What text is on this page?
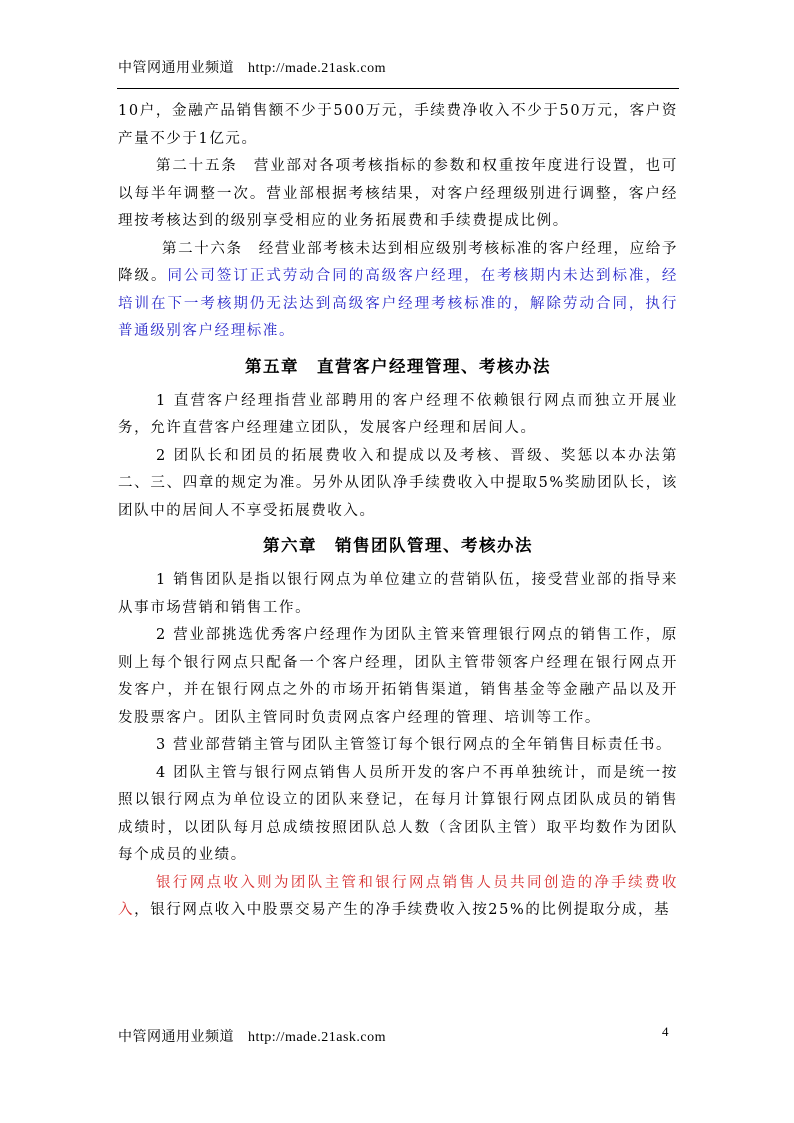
中管网通用业频道 http://made.21ask.com

10户，金融产品销售额不少于500万元，手续费净收入不少于50万元，客户资产量不少于1亿元。

第二十五条　营业部对各项考核指标的参数和权重按年度进行设置，也可以每半年调整一次。营业部根据考核结果，对客户经理级别进行调整，客户经理按考核达到的级别享受相应的业务拓展费和手续费提成比例。

第二十六条　经营业部考核未达到相应级别考核标准的客户经理，应给予降级。同公司签订正式劳动合同的高级客户经理，在考核期内未达到标准，经培训在下一考核期仍无法达到高级客户经理考核标准的，解除劳动合同，执行普通级别客户经理标准。

第五章　直营客户经理管理、考核办法

1 直营客户经理指营业部聘用的客户经理不依赖银行网点而独立开展业务，允许直营客户经理建立团队，发展客户经理和居间人。

2 团队长和团员的拓展费收入和提成以及考核、晋级、奖惩以本办法第二、三、四章的规定为准。另外从团队净手续费收入中提取5%奖励团队长，该团队中的居间人不享受拓展费收入。

第六章　销售团队管理、考核办法

1 销售团队是指以银行网点为单位建立的营销队伍，接受营业部的指导来从事市场营销和销售工作。

2 营业部挑选优秀客户经理作为团队主管来管理银行网点的销售工作，原则上每个银行网点只配备一个客户经理，团队主管带领客户经理在银行网点开发客户，并在银行网点之外的市场开拓销售渠道，销售基金等金融产品以及开发股票客户。团队主管同时负责网点客户经理的管理、培训等工作。

3 营业部营销主管与团队主管签订每个银行网点的全年销售目标责任书。

4 团队主管与银行网点销售人员所开发的客户不再单独统计，而是统一按照以银行网点为单位设立的团队来登记，在每月计算银行网点团队成员的销售成绩时，以团队每月总成绩按照团队总人数（含团队主管）取平均数作为团队每个成员的业绩。

银行网点收入则为团队主管和银行网点销售人员共同创造的净手续费收入，银行网点收入中股票交易产生的净手续费收入按25%的比例提取分成，基

中管网通用业频道 http://made.21ask.com	4
